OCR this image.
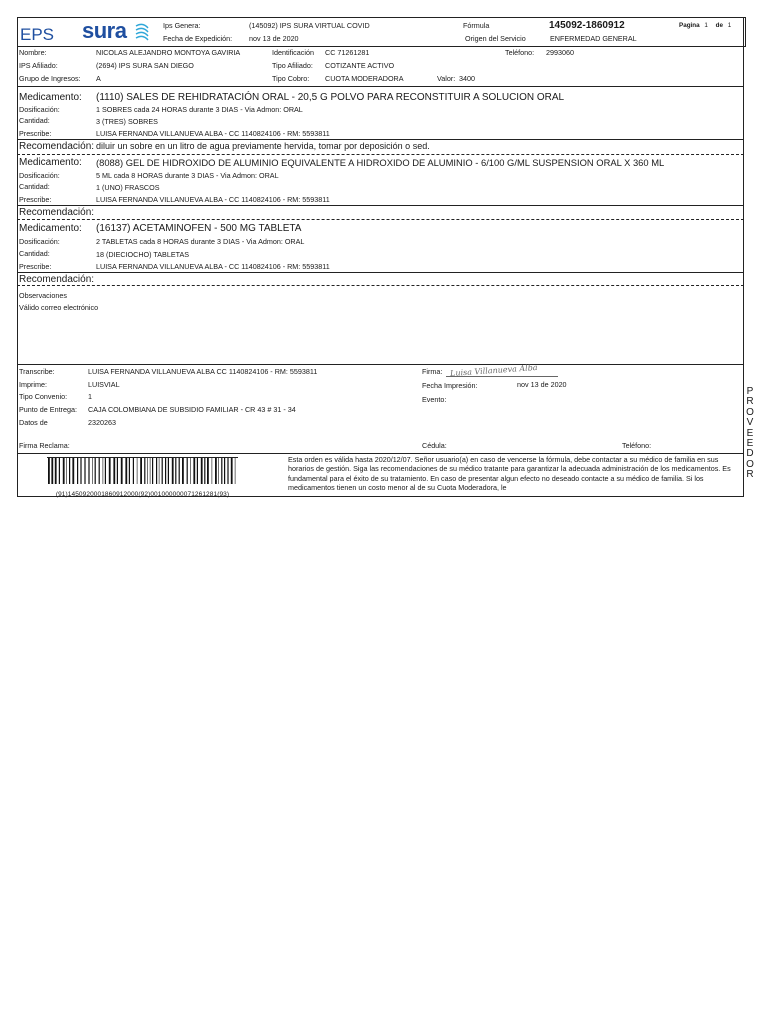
EPS sura	Ips Genera:	(145092) IPS SURA VIRTUAL COVID
Fecha de Expedición: nov 13 de 2020
Fórmula	145092-1860912
Origen del Servicio	ENFERMEDAD GENERAL
Pagina 1 de 1
Nombre:	NICOLAS ALEJANDRO MONTOYA GAVIRIA	Identificación CC 71261281	Teléfono: 2993060
IPS Afiliado:	(2694) IPS SURA SAN DIEGO	Tipo Afiliado: COTIZANTE ACTIVO
Grupo de Ingresos: A	Tipo Cobro: CUOTA MODERADORA	Valor: 3400
Medicamento: (1110) SALES DE REHIDRATACIÓN ORAL - 20,5 G POLVO PARA RECONSTITUIR A SOLUCION ORAL
Dosificación:	1 SOBRES cada 24 HORAS durante 3 DIAS - Via Admon: ORAL
Cantidad:	3 (TRES) SOBRES
Prescribe:	LUISA FERNANDA VILLANUEVA ALBA - CC 1140824106 - RM: 5593811
Recomendación: diluir un sobre en un litro de agua previamente hervida, tomar por deposición o sed.
Medicamento: (8088) GEL DE HIDROXIDO DE ALUMINIO EQUIVALENTE A HIDROXIDO DE ALUMINIO - 6/100 G/ML SUSPENSION ORAL X 360 ML
Dosificación:	5 ML cada 8 HORAS durante 3 DIAS - Via Admon: ORAL
Cantidad:	1 (UNO) FRASCOS
Prescribe:	LUISA FERNANDA VILLANUEVA ALBA - CC 1140824106 - RM: 5593811
Recomendación:
Medicamento: (16137) ACETAMINOFEN - 500 MG TABLETA
Dosificación:	2 TABLETAS cada 8 HORAS durante 3 DIAS - Via Admon: ORAL
Cantidad:	18 (DIECIOCHO) TABLETAS
Prescribe:	LUISA FERNANDA VILLANUEVA ALBA - CC 1140824106 - RM: 5593811
Recomendación:
Observaciones
Válido correo electrónico
Transcribe:	LUISA FERNANDA VILLANUEVA ALBA CC 1140824106 - RM: 5593811	Firma: Luisa Villanueva Alba
Imprime:	LUISVIAL	Fecha Impresión:	nov 13 de 2020
Tipo Convenio:	1	Evento:
Punto de Entrega: CAJA COLOMBIANA DE SUBSIDIO FAMILIAR - CR 43 # 31 - 34
Datos de	2320263
Firma Reclama:	Cédula:	Teléfono:
(91)1450920001860912000(92)001000000071261281(93)
Esta orden es válida hasta 2020/12/07. Señor usuario(a) en caso de vencerse la fórmula, debe contactar a su médico de familia en sus horarios de gestión. Siga las recomendaciones de su médico tratante para garantizar la adecuada administración de los medicamentos. Es fundamental para el éxito de su tratamiento. En caso de presentar algun efecto no deseado contacte a su médico de familia. Si los medicamentos tienen un costo menor al de su Cuota Moderadora, le
P
R
O
V
E
E
D
O
R
